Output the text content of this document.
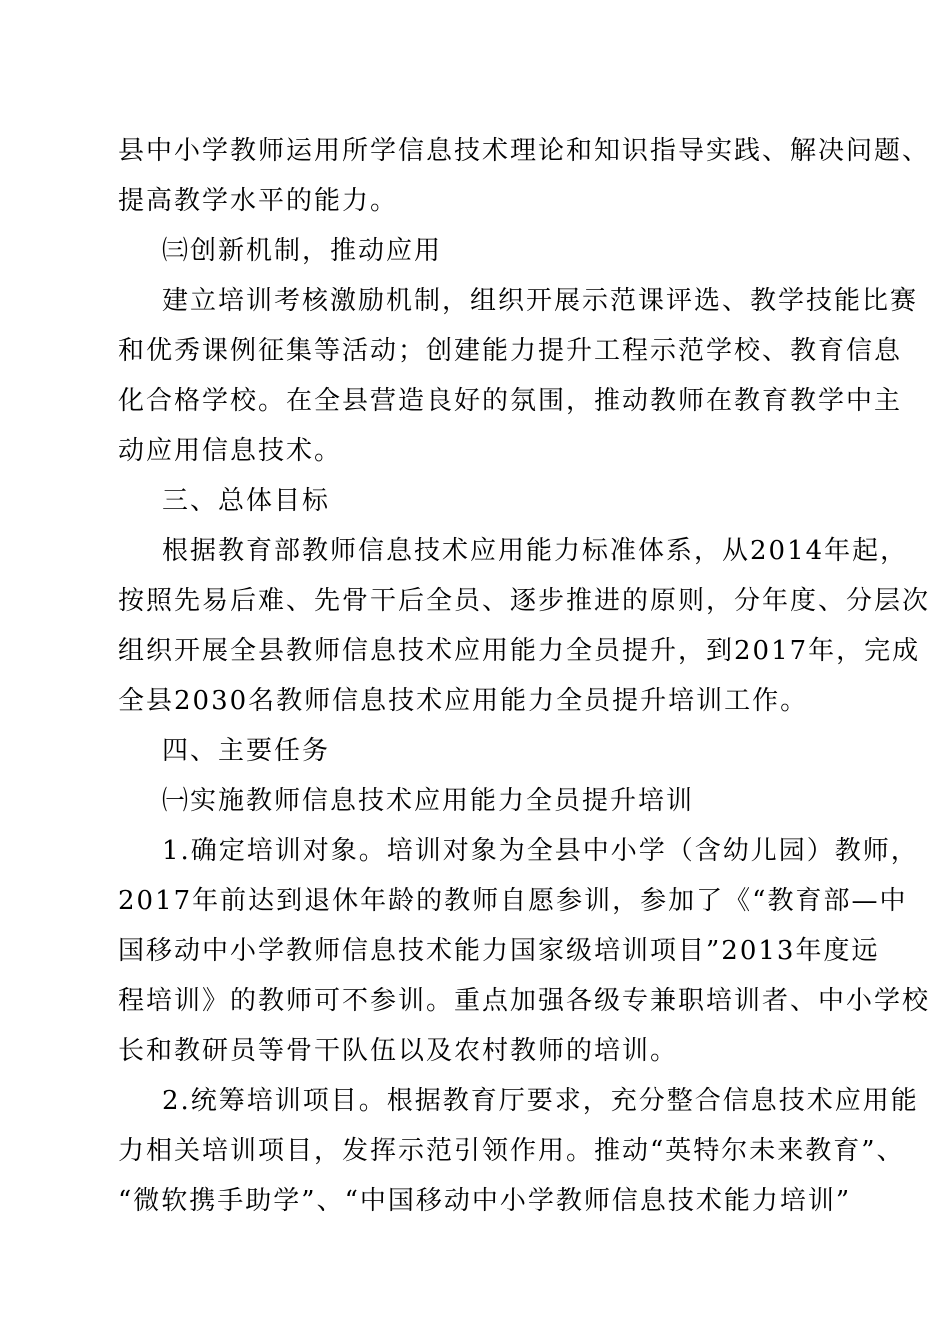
县中小学教师运用所学信息技术理论和知识指导实践、解决问题、
提高教学水平的能力。
㈢创新机制，推动应用
建立培训考核激励机制，组织开展示范课评选、教学技能比赛
和优秀课例征集等活动；创建能力提升工程示范学校、教育信息
化合格学校。在全县营造良好的氛围，推动教师在教育教学中主
动应用信息技术。
三、总体目标
根据教育部教师信息技术应用能力标准体系，从2014年起，
按照先易后难、先骨干后全员、逐步推进的原则，分年度、分层次
组织开展全县教师信息技术应用能力全员提升，到2017年，完成
全县2030名教师信息技术应用能力全员提升培训工作。
四、主要任务
㈠实施教师信息技术应用能力全员提升培训
1.确定培训对象。培训对象为全县中小学（含幼儿园）教师，
2017年前达到退休年龄的教师自愿参训，参加了《“教育部—中
国移动中小学教师信息技术能力国家级培训项目”2013年度远
程培训》的教师可不参训。重点加强各级专兼职培训者、中小学校
长和教研员等骨干队伍以及农村教师的培训。
2.统筹培训项目。根据教育厅要求，充分整合信息技术应用能
力相关培训项目，发挥示范引领作用。推动“英特尔未来教育”、
“微软携手助学”、“中国移动中小学教师信息技术能力培训”
